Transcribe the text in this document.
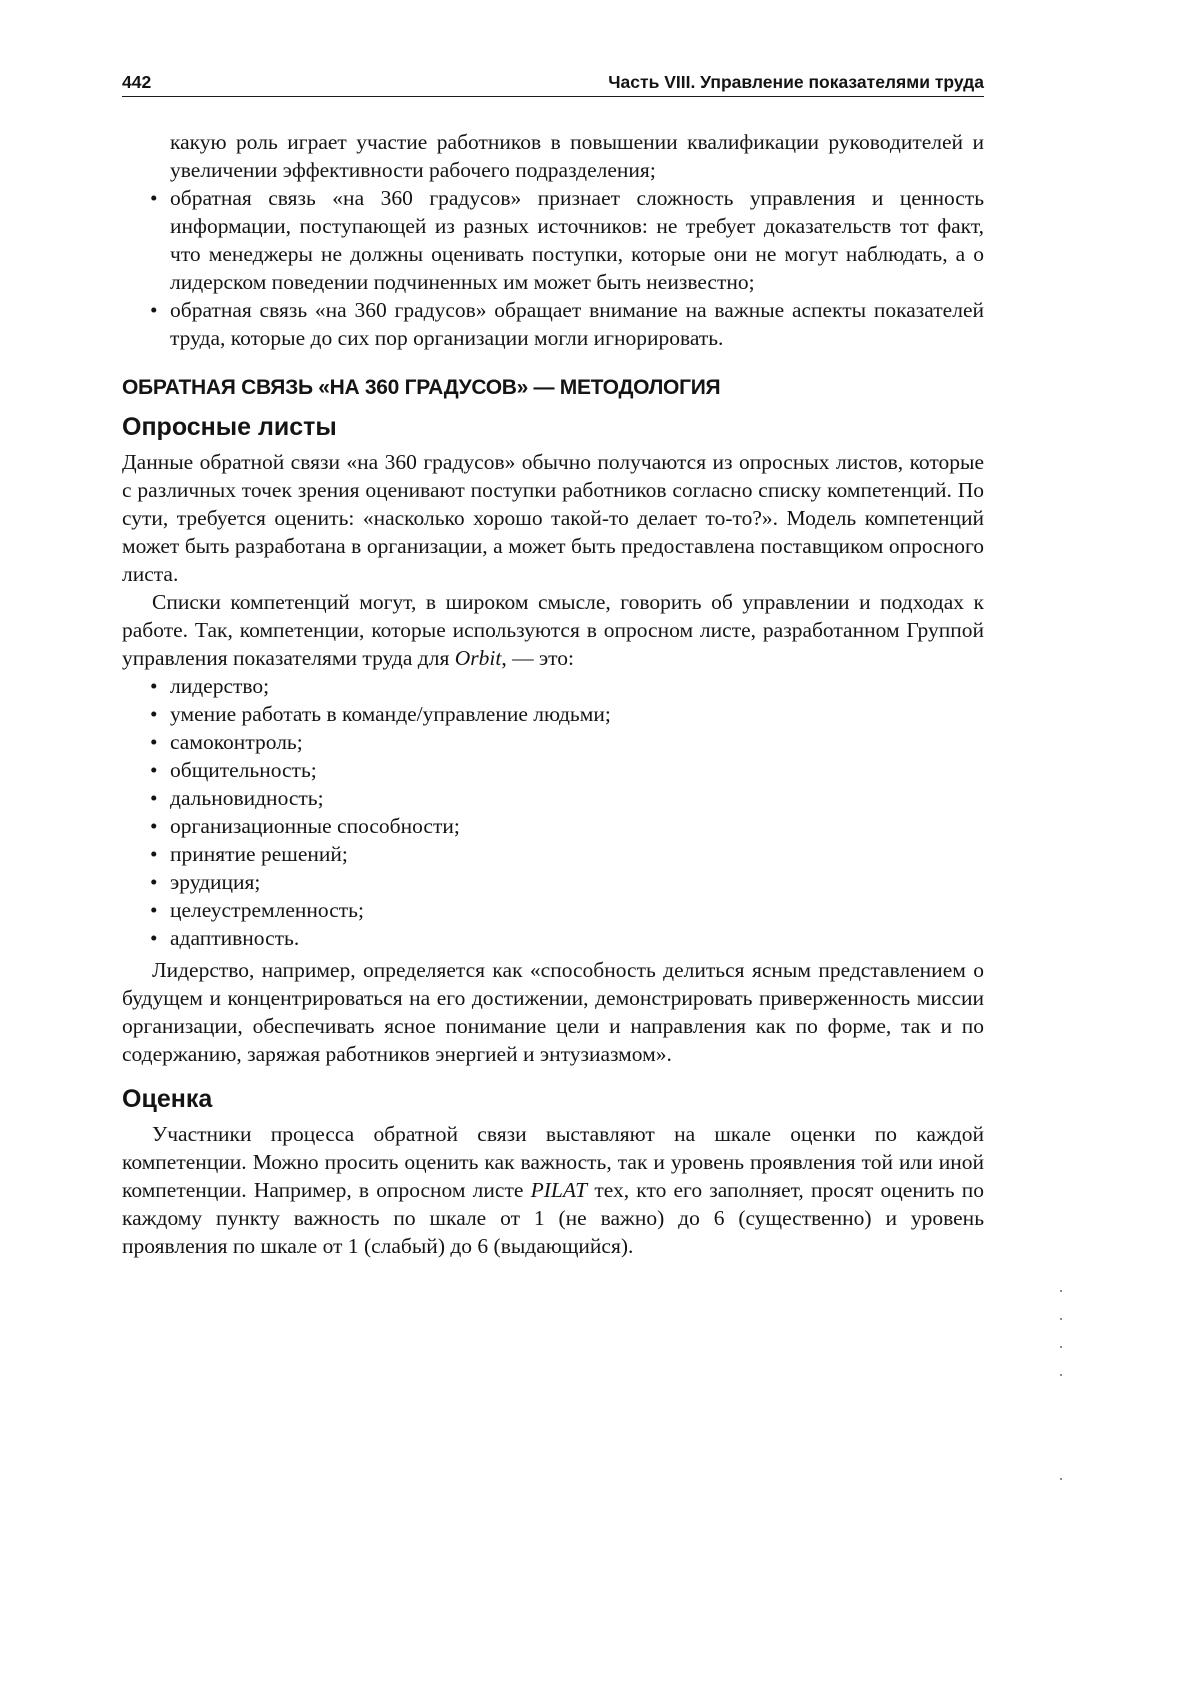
442	Часть VIII. Управление показателями труда

какую роль играет участие работников в повышении квалификации руководителей и увеличении эффективности рабочего подразделения;

• обратная связь «на 360 градусов» признает сложность управления и ценность информации, поступающей из разных источников: не требует доказательств тот факт, что менеджеры не должны оценивать поступки, которые они не могут наблюдать, а о лидерском поведении подчиненных им может быть неизвестно;
• обратная связь «на 360 градусов» обращает внимание на важные аспекты показателей труда, которые до сих пор организации могли игнорировать.
ОБРАТНАЯ СВЯЗЬ «НА 360 ГРАДУСОВ» — МЕТОДОЛОГИЯ
Опросные листы

Данные обратной связи «на 360 градусов» обычно получаются из опросных листов, которые с различных точек зрения оценивают поступки работников согласно списку компетенций. По сути, требуется оценить: «насколько хорошо такой-то делает то-то?». Модель компетенций может быть разработана в организации, а может быть предоставлена поставщиком опросного листа.

Списки компетенций могут, в широком смысле, говорить об управлении и подходах к работе. Так, компетенции, которые используются в опросном листе, разработанном Группой управления показателями труда для Orbit, — это:

• лидерство;
• умение работать в команде/управление людьми;
• самоконтроль;
• общительность;
• дальновидность;
• организационные способности;
• принятие решений;
• эрудиция;
• целеустремленность;
• адаптивность.

Лидерство, например, определяется как «способность делиться ясным представлением о будущем и концентрироваться на его достижении, демонстрировать приверженность миссии организации, обеспечивать ясное понимание цели и направления как по форме, так и по содержанию, заряжая работников энергией и энтузиазмом».

Оценка

Участники процесса обратной связи выставляют на шкале оценки по каждой компетенции. Можно просить оценить как важность, так и уровень проявления той или иной компетенции. Например, в опросном листе PILAT тех, кто его заполняет, просят оценить по каждому пункту важность по шкале от 1 (не важно) до 6 (существенно) и уровень проявления по шкале от 1 (слабый) до 6 (выдающийся).
